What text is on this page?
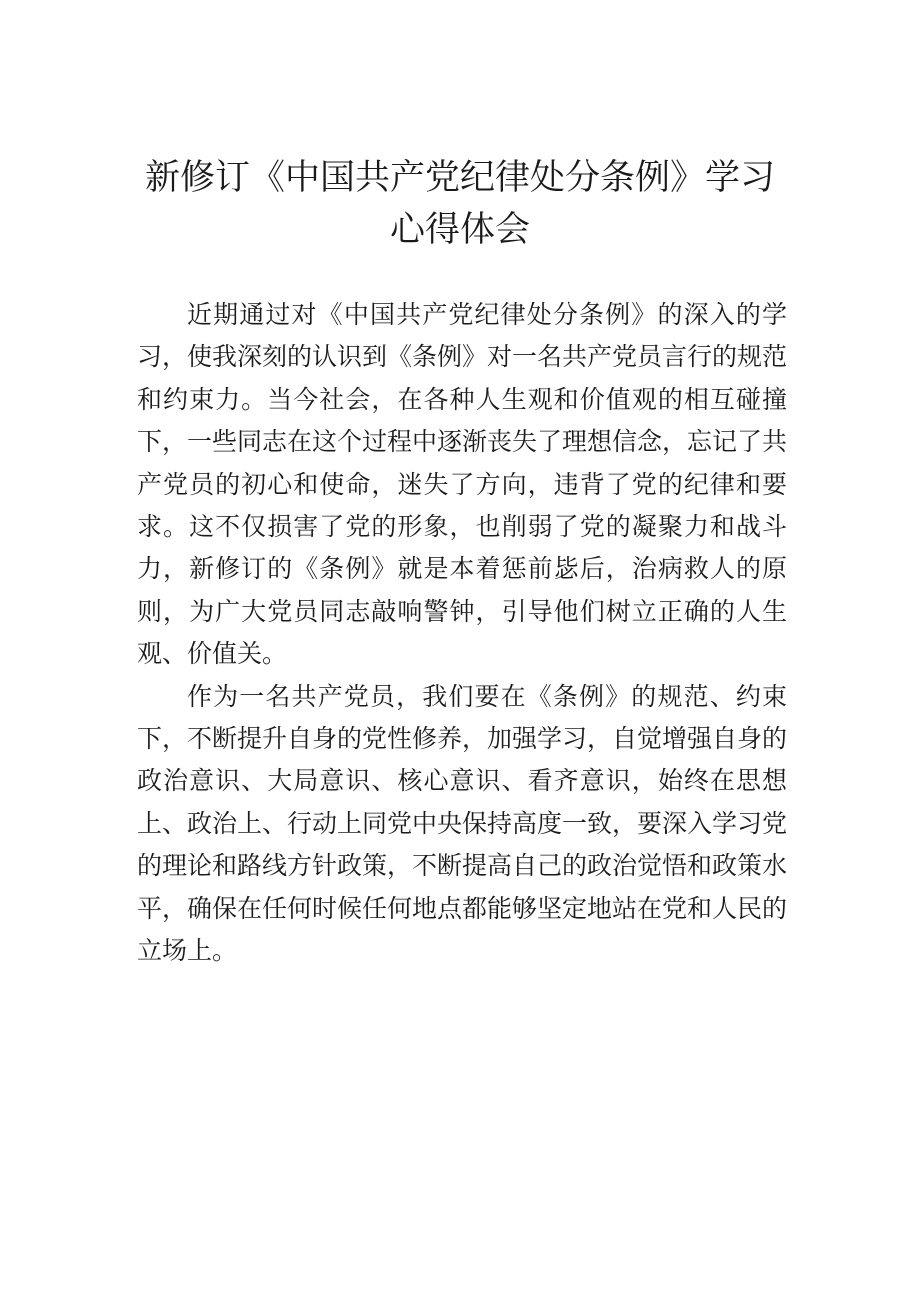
新修订《中国共产党纪律处分条例》学习
心得体会

近期通过对《中国共产党纪律处分条例》的深入的学习，使我深刻的认识到《条例》对一名共产党员言行的规范和约束力。当今社会，在各种人生观和价值观的相互碰撞下，一些同志在这个过程中逐渐丧失了理想信念，忘记了共产党员的初心和使命，迷失了方向，违背了党的纪律和要求。这不仅损害了党的形象，也削弱了党的凝聚力和战斗力，新修订的《条例》就是本着惩前毖后，治病救人的原则，为广大党员同志敲响警钟，引导他们树立正确的人生观、价值关。

作为一名共产党员，我们要在《条例》的规范、约束下，不断提升自身的党性修养，加强学习，自觉增强自身的政治意识、大局意识、核心意识、看齐意识，始终在思想上、政治上、行动上同党中央保持高度一致，要深入学习党的理论和路线方针政策，不断提高自己的政治觉悟和政策水平，确保在任何时候任何地点都能够坚定地站在党和人民的立场上。
